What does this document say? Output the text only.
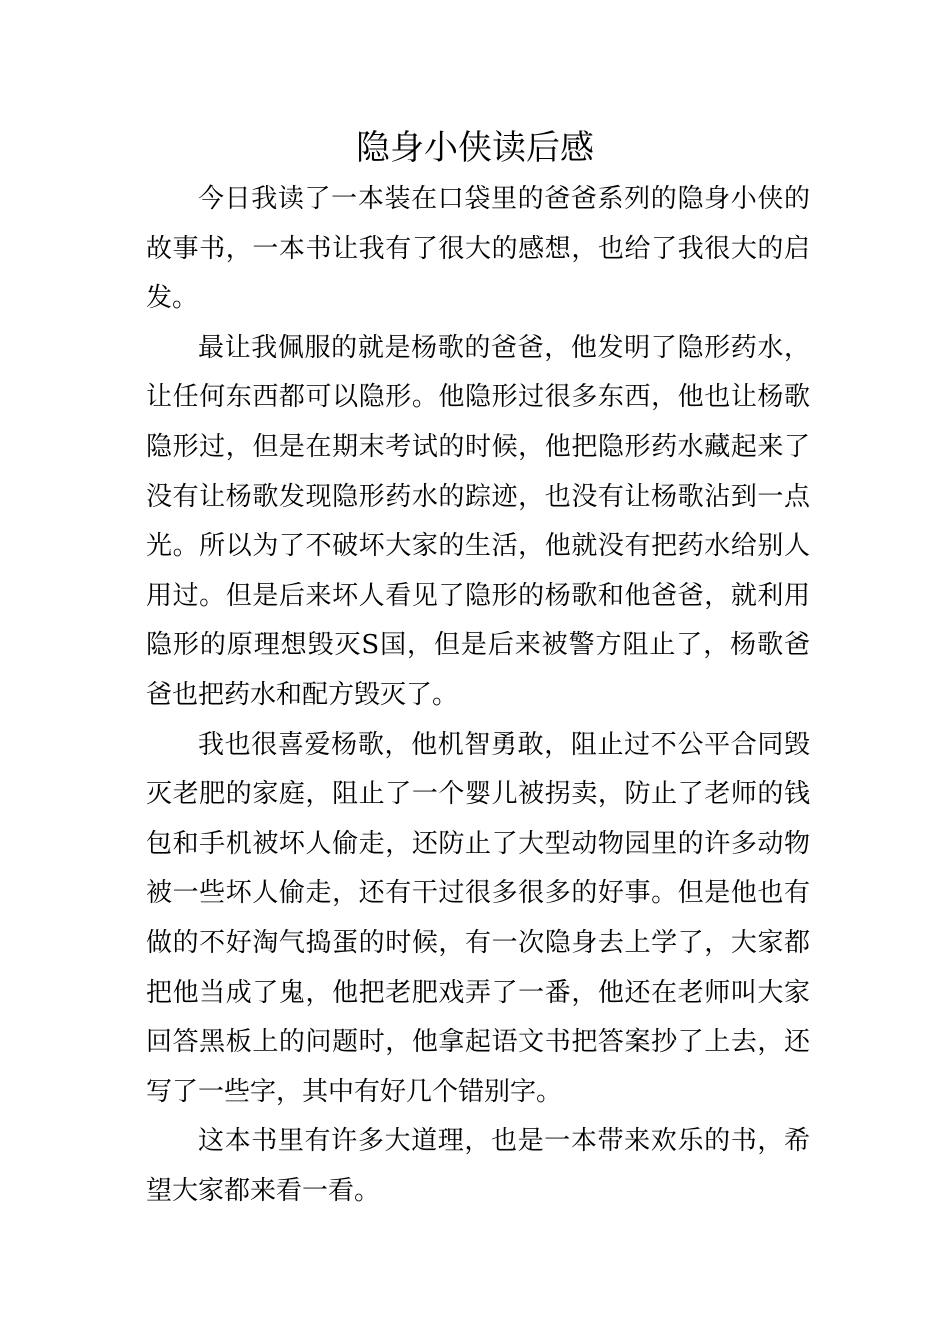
隐身小侠读后感

今日我读了一本装在口袋里的爸爸系列的隐身小侠的故事书，一本书让我有了很大的感想，也给了我很大的启发。

最让我佩服的就是杨歌的爸爸，他发明了隐形药水，让任何东西都可以隐形。他隐形过很多东西，他也让杨歌隐形过，但是在期末考试的时候，他把隐形药水藏起来了没有让杨歌发现隐形药水的踪迹，也没有让杨歌沾到一点光。所以为了不破坏大家的生活，他就没有把药水给别人用过。但是后来坏人看见了隐形的杨歌和他爸爸，就利用隐形的原理想毁灭S国，但是后来被警方阻止了，杨歌爸爸也把药水和配方毁灭了。

我也很喜爱杨歌，他机智勇敢，阻止过不公平合同毁灭老肥的家庭，阻止了一个婴儿被拐卖，防止了老师的钱包和手机被坏人偷走，还防止了大型动物园里的许多动物被一些坏人偷走，还有干过很多很多的好事。但是他也有做的不好淘气捣蛋的时候，有一次隐身去上学了，大家都把他当成了鬼，他把老肥戏弄了一番，他还在老师叫大家回答黑板上的问题时，他拿起语文书把答案抄了上去，还写了一些字，其中有好几个错别字。

这本书里有许多大道理，也是一本带来欢乐的书，希望大家都来看一看。
